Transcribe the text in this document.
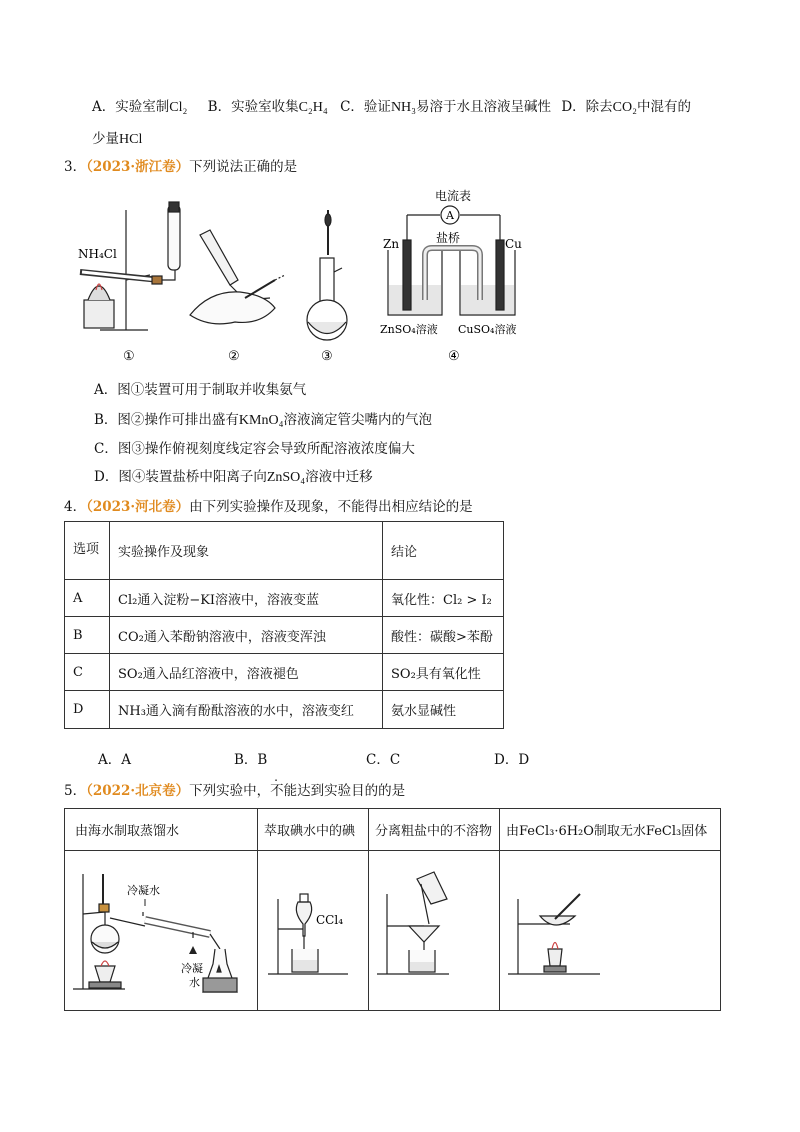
A．实验室制Cl₂ B．实验室收集C₂H₄ C．验证NH₃易溶于水且溶液呈碱性 D．除去CO₂中混有的
少量HCl
3．（2023·浙江卷）下列说法正确的是
NH₄Cl
A
电流表
Zn	Cu
盐桥
ZnSO₄溶液 CuSO₄溶液
①	②	③	④
A．图①装置可用于制取并收集氨气
B．图②操作可排出盛有KMnO₄溶液滴定管尖嘴内的气泡
C．图③操作俯视刻度线定容会导致所配溶液浓度偏大
D．图④装置盐桥中阳离子向ZnSO₄溶液中迁移
4．（2023·河北卷）由下列实验操作及现象，不能得出相应结论的是
选项	实验操作及现象	结论
A	Cl₂通入淀粉−KI溶液中，溶液变蓝	氧化性：Cl₂ > I₂
B	CO₂通入苯酚钠溶液中，溶液变浑浊	酸性：碳酸>苯酚
C	SO₂通入品红溶液中，溶液褪色	SO₂具有氧化性
D	NH₃通入滴有酚酞溶液的水中，溶液变红	氨水显碱性
A．A	B．B	C．C	D．D
5．（2022·北京卷）下列实验中，不能达到实验目的的是
由海水制取蒸馏水	萃取碘水中的碘	分离粗盐中的不溶物	由FeCl₃·6H₂O制取无水FeCl₃固体

冷凝水
冷凝
水	CCl₄
